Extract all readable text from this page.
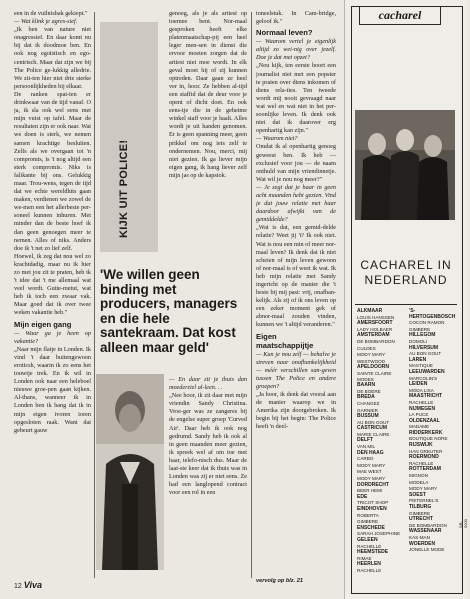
een in de vuilnisbak gekiept."

— Wat klink je agres-sief.

„Ik ben van nature niet onagressief. En daar komt nu bij dat ik doodmoe ben. En ook nog egoïstisch en ego-centrisch. Maar dat zijn we bij The Police ge-lukkig alledrie. We zit-ten hier niet drie sterke persoonlijkheden bij elkaar.

De ranken spat-ten er drinkwaar van de tijd vanaf. O ja, ik sla ook wel eens met mijn vuist op tafel. Maar de resultaten zijn er ook naar. Wat we doen is sterk, we nemen samen krachtige besluiten. Zelfs als we overgaan tot 'n compromis, is 't nog altijd een sterk compromis. Niks is falikante bij ons. Gelukkig maar. Trou-wens, tegen de tijd dat we echte wereldhits gaan maken, verdienen we zowel de we-men een het allerbeste per-soneel kunnen inhuren. Met minder dan de beste hoef ik dan geen genoegen meer te nemen. Alles of niks. Anders doe ik 't net zo lief zelf.

Hoewel, ik zeg dat nou wel zo krachtdadig, maar nu ik hier zo met jou zit te praten, heb ik 't idee dat 't me allemaal wat veel wordt. Gutte-metut, wat heb ik toch een zwaar vak. Maar goed dat ik over twee weken vakantie heb."

Mijn eigen gang

— Waar ga je heen op vakantie?

„Naar mijn flatje in Londen. Ik vind 't daar buitengewoon eroticsh, waarin ik zo eens het touwtje trek. En ik wil in Londen ook naar een heleboel nieuwe groe-pen gaan kijken. Al-thans, wanneer ik in Londen ben ik bang dat ik in mijn eigen ivoren toren opgesloten raak. Want dat gebeurt gauw

KIJK UIT POLICE!

genoeg, als je als artiest op toernee bent. Nor-maal gesproken heeft elke platenmaatschap-pij een heel leger men-sen in dienst die ervoor moeten zorgen dat de artiest niet moe wordt. In elk geval moet hij of zij kunnen optreden. Daar gaan ze heel ver in, hoor. Ze hebben al-tijd een staffid dat de deur voor je opent of dicht doet. En ook eens-tje die in de geheime winkel staff voor je haalt. Alles wordt je uit handen genomen. Er is geen spanning meer, geen prikkel om nog iets zelf te ondernemen. Nou, merci, mij niet gezien. Ik ga liever mijn eigen gang, ik hang liever zelf mijn jas op de kapstok.

'We willen geen binding met producers, managers en die hele santekraam. Dat kost alleen maar geld'

— En daar zit je thuis dan moederziel al-leen. . .

„Nee hoor, ik zit daar met mijn vriendin Sandy Christina. Vroe-ger was ze zangeres bij de engelse super groep 'Curved Air'. Daar heb ik ook nog gedrumd. Sandy heb ik ook al in geen maanden meer gezien, ik spreek wel af om toe met haar, telefo-nisch dus. Maar de laat-ste keer dat ik thuis was in Londen was zij er niet eens. Ze had een langlopend contract voor een rol in een

toneelstuk. In Cam-bridge, geloof ik."

Normaal leven?

— Waarom vertel je eigenlijk altijd zo wei-nig over jezelf. Doe je dat met opzet?

„Nou kijk, ten eerste hoort een journalist niet met een popster te praten over diens inkomen of diens rela-ties. Ten tweede wordt mij nooit gevraagd naar wat wel en wat niet in het per-soonlijke leven. Ik denk ook niet dat ik daarover erg openhartig kan zijn."

— Waarom niet?

Omdat ik al openhartig genoeg geweest ben. Ik heb — exclusief voor jou — de naam onthuld van mijn vriendinnetje. Wat wil je nou nog meer?"

— Je zegt dat je haar in geen acht maanden hebt gezien. Vind je dat jouw relatie met haar daardoor afwijkt van de gemiddelde?

„Wat is dat, een gemid-delde relatie? Weet jij 't? Ik ook niet. Wat is nou een min of meer nor-maal leven? Ik denk dat ik niet scheien of mijn leven gewoon of nor-maal is of weet ik wat. Ik heb mijn relatie met Sandy ingericht op de manier die 't beste bij mij past: vrij, onafhan-kelijk. Als zij of ik ons leven op een zeker moment gek of abnor-maal zouden vinden, kunnen we 't altijd veranderen."

Eigen maatschappijtje

— Kun je nou zelf — behalve je streven naar onafhankelijkheid — méér verschillen san-geven tussen The Police en andere groepen?

„Ja hoor, ik denk dat vooral aan de manier waarop we in Amerika zijn doorgebroken. Ik begin bij het begin: The Police heeft 'n deel-

vervolg op blz. 21
12 Viva
cacharel
CACHAREL IN
NEDERLAND
ALKMAAR
LOUIS HANSSEN
AMERSFOORT
LADY HOLBAER
AMSTERDAM
DE BOMBARDON
CULDES
MODY MARY
WESTWOOD
APELDOORN
SAINTE CLAIRE MODES
BAARN
DE BOERE
BREDA
CHANGEZ
GARNIER
BUSSUM
AU BON GOUT
CASTRICUM
MARIE CLAIRE
DELFT
VAN MIL
DEN HAAG
CARBO
MODY MARY
MAE WEST
MODY MARY
DORDRECHT
BEER HEMI
EDE
TRICOT SHOP
EINDHOVEN
ROBERTA
GIMBERE
ENSCHEDE
SARAH JOSEPHINE
GELEEN
RACHELLE
HEEMSTEDE
RIMAE
HEERLEN
RACHELLE
'S-HERTOGENBOSCH
COCON RAMON
GIMBERE
HILLEGOM
DOMOLI
HILVERSUM
AU BON GOUT
LAREN
MASTIQUE
LEEUWARDEN
MARCOLIN'S
LEIDEN
MODA LISA
MAASTRICHT
RACHELLE
NIJMEGEN
LA PUCE
OLDENZAAL
MADAME
RIDDERKERK
BOUTIQUE NORE
RIJSWIJK
HAN GREUTER
ROERMOND
RACHELLE
ROTTERDAM
MIGNON
MODELA
MODY MARY
SOEST
PIETERNEL'S
TILBURG
GIMBERE
UTRECHT
DE BOMBARDON
WASSENAAR
KAS-MAN
WOERDEN
JONELLE MODE
SR-5000
